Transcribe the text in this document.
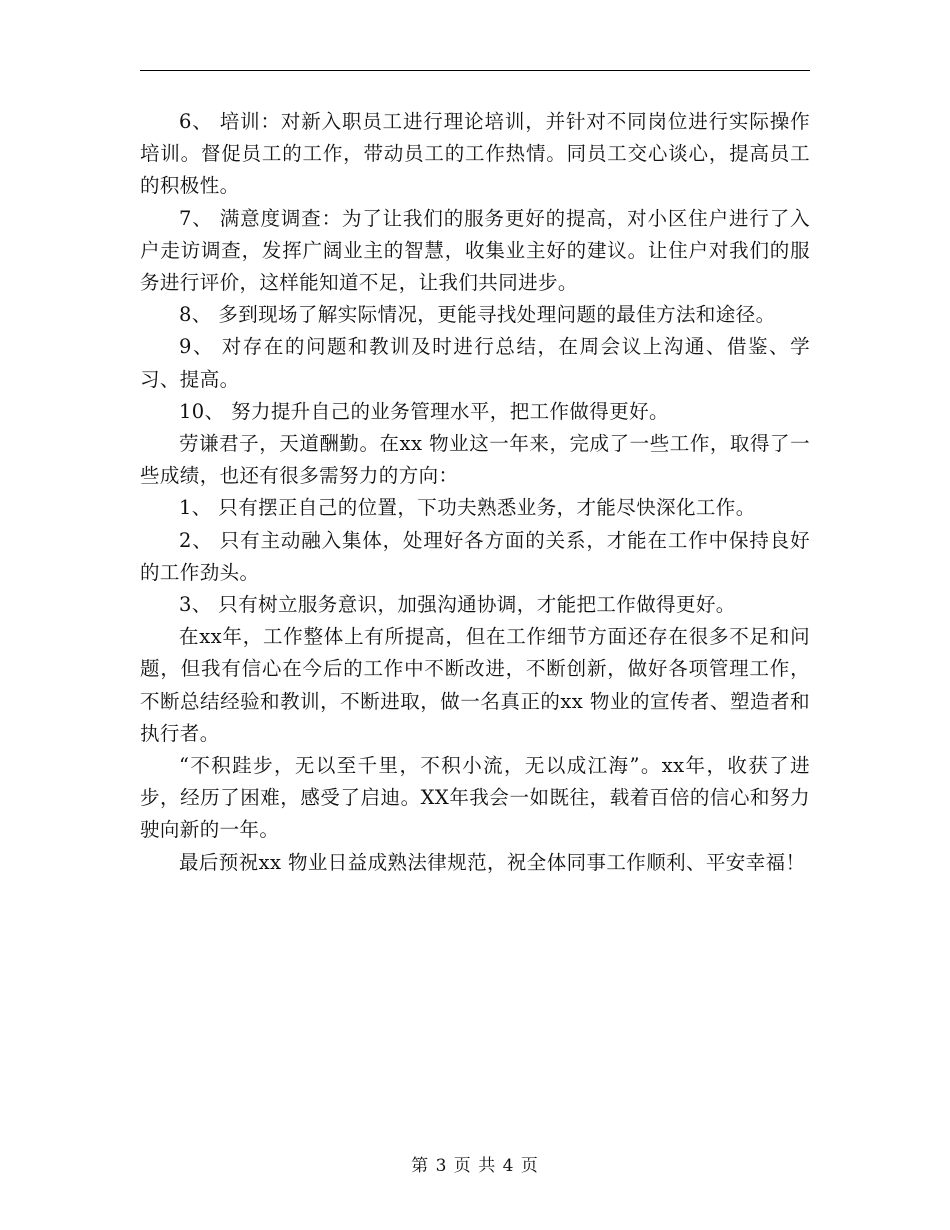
6、 培训：对新入职员工进行理论培训，并针对不同岗位进行实际操作培训。督促员工的工作，带动员工的工作热情。同员工交心谈心，提高员工的积极性。

7、 满意度调查：为了让我们的服务更好的提高，对小区住户进行了入户走访调查，发挥广阔业主的智慧，收集业主好的建议。让住户对我们的服务进行评价，这样能知道不足，让我们共同进步。

8、 多到现场了解实际情况，更能寻找处理问题的最佳方法和途径。

9、 对存在的问题和教训及时进行总结，在周会议上沟通、借鉴、学习、提高。

10、 努力提升自己的业务管理水平，把工作做得更好。

劳谦君子，天道酬勤。在xx 物业这一年来，完成了一些工作，取得了一些成绩，也还有很多需努力的方向：

1、 只有摆正自己的位置，下功夫熟悉业务，才能尽快深化工作。

2、 只有主动融入集体，处理好各方面的关系，才能在工作中保持良好的工作劲头。

3、 只有树立服务意识，加强沟通协调，才能把工作做得更好。

在xx年，工作整体上有所提高，但在工作细节方面还存在很多不足和问题，但我有信心在今后的工作中不断改进，不断创新，做好各项管理工作，不断总结经验和教训，不断进取，做一名真正的xx 物业的宣传者、塑造者和执行者。

“不积跬步，无以至千里，不积小流，无以成江海”。xx年，收获了进步，经历了困难，感受了启迪。XX年我会一如既往，载着百倍的信心和努力驶向新的一年。

最后预祝xx 物业日益成熟法律规范，祝全体同事工作顺利、平安幸福！

第 3 页 共 4 页
